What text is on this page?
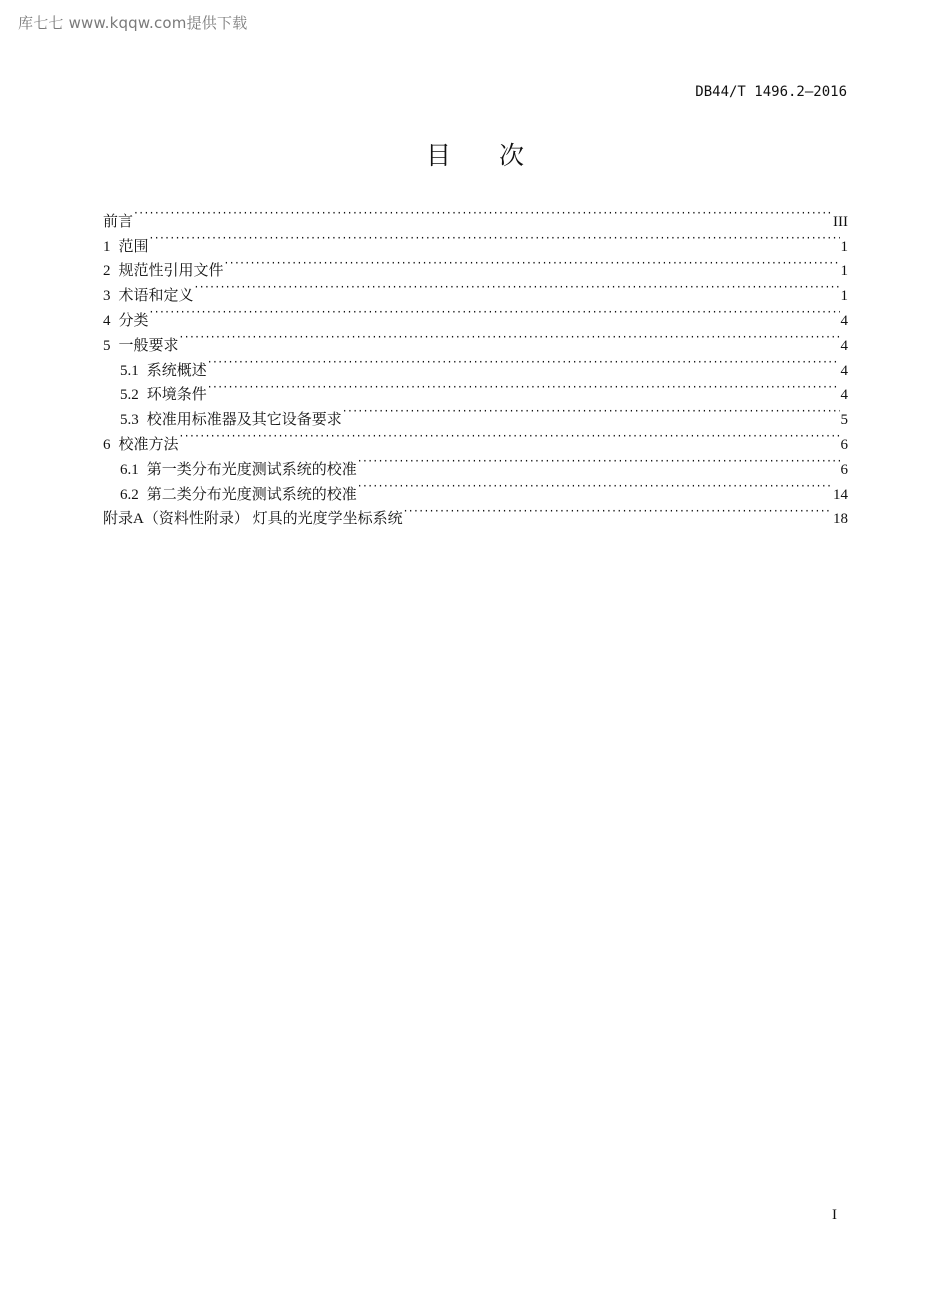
库七七 www.kqqw.com提供下载
DB44/T 1496.2—2016
目 次
前言 ·····	III
1 范围 ·····	1
2 规范性引用文件 ·····	1
3 术语和定义 ·····	1
4 分类 ·····	4
5 一般要求 ·····	4
5.1 系统概述 ·····	4
5.2 环境条件 ·····	4
5.3 校准用标准器及其它设备要求 ·····	5
6 校准方法 ·····	6
6.1 第一类分布光度测试系统的校准 ·····	6
6.2 第二类分布光度测试系统的校准 ·····	14
附录A（资料性附录） 灯具的光度学坐标系统 ·····	18
I
